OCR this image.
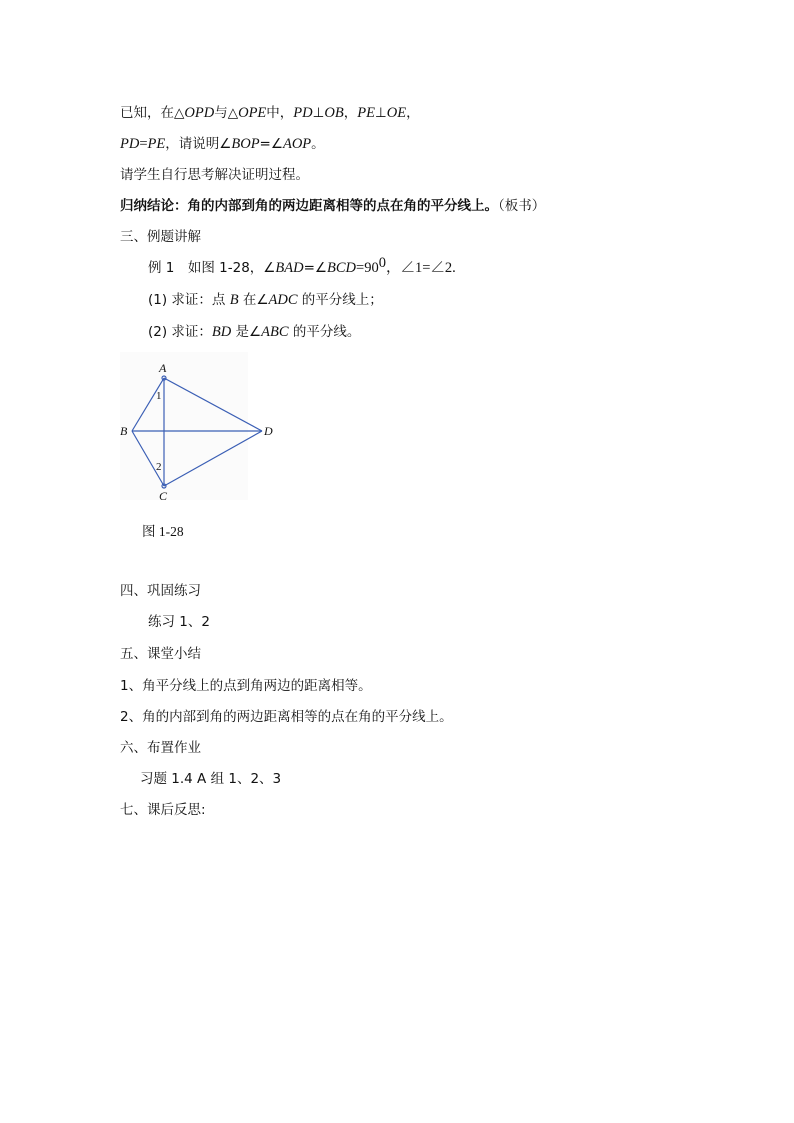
已知，在△OPD与△OPE中，PD⊥OB，PE⊥OE，
PD=PE，请说明∠BOP=∠AOP。
请学生自行思考解决证明过程。
归纳结论：角的内部到角的两边距离相等的点在角的平分线上。（板书）
三、例题讲解
例 1　如图 1-28，$\angle BAD=\angle BCD=90^0$，∠1=∠2.
(1) 求证：点 B 在∠ADC 的平分线上；
(2) 求证：BD 是∠ABC 的平分线。
A
B
C
D
1
2
图 1-28
四、巩固练习
练习 1、2
五、课堂小结
1、角平分线上的点到角两边的距离相等。
2、角的内部到角的两边距离相等的点在角的平分线上。
六、布置作业
习题 1.4 A 组 1、2、3
七、课后反思:
